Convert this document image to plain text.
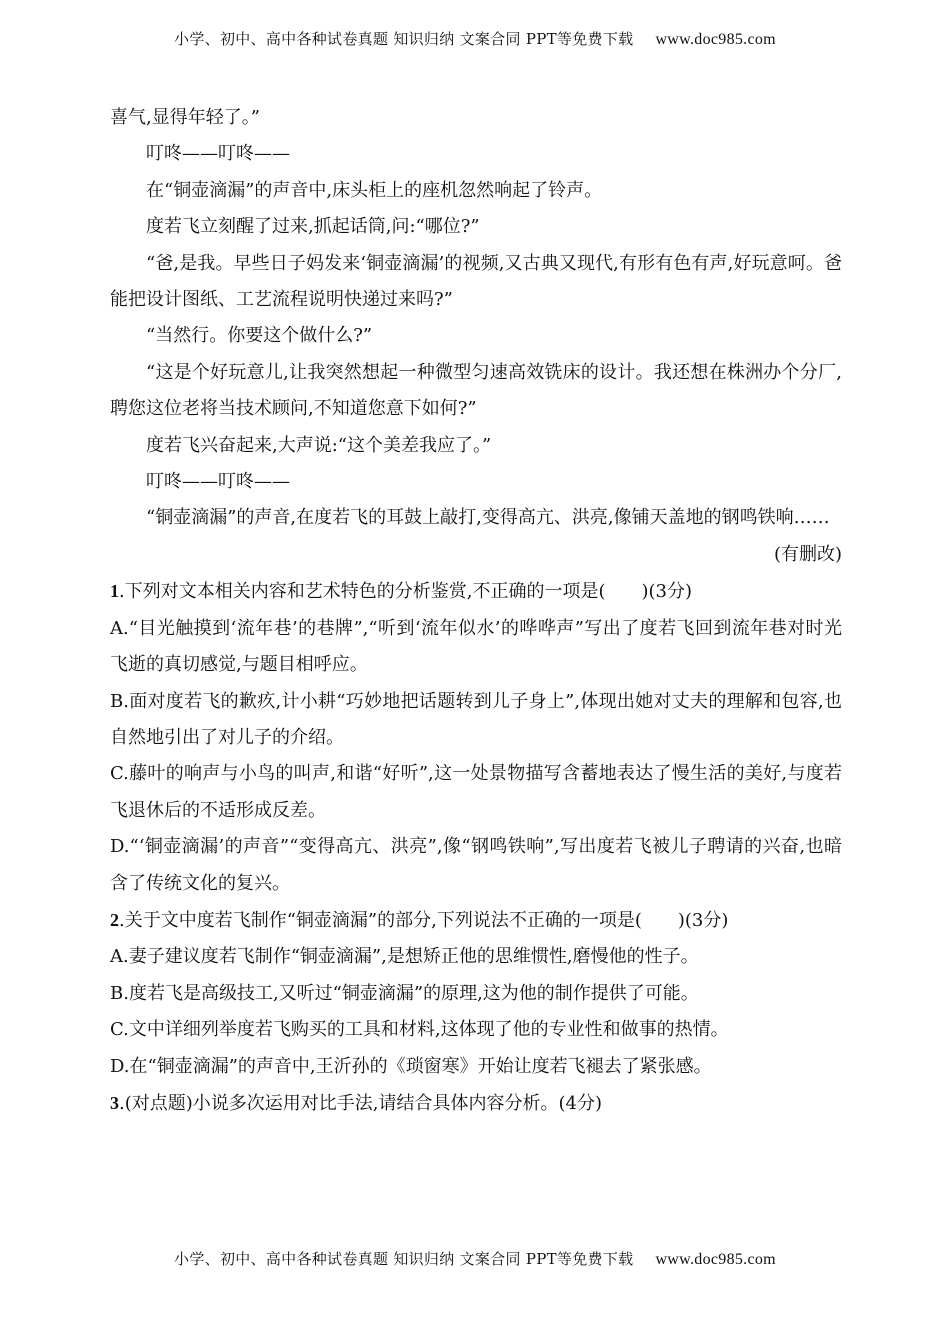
小学、初中、高中各种试卷真题 知识归纳 文案合同 PPT等免费下载 www.doc985.com

喜气,显得年轻了。”

叮咚——叮咚——

在“铜壶滴漏”的声音中,床头柜上的座机忽然响起了铃声。

度若飞立刻醒了过来,抓起话筒,问:“哪位?”

“爸,是我。早些日子妈发来‘铜壶滴漏’的视频,又古典又现代,有形有色有声,好玩意呵。爸能把设计图纸、工艺流程说明快递过来吗?”

“当然行。你要这个做什么?”

“这是个好玩意儿,让我突然想起一种微型匀速高效铣床的设计。我还想在株洲办个分厂,聘您这位老将当技术顾问,不知道您意下如何?”

度若飞兴奋起来,大声说:“这个美差我应了。”

叮咚——叮咚——

“铜壶滴漏”的声音,在度若飞的耳鼓上敲打,变得高亢、洪亮,像铺天盖地的钢鸣铁响……

(有删改)

1.下列对文本相关内容和艺术特色的分析鉴赏,不正确的一项是(　　)(3分)

A.“目光触摸到‘流年巷’的巷牌”,“听到‘流年似水’的哗哗声”写出了度若飞回到流年巷对时光飞逝的真切感觉,与题目相呼应。

B.面对度若飞的歉疚,计小耕“巧妙地把话题转到儿子身上”,体现出她对丈夫的理解和包容,也自然地引出了对儿子的介绍。

C.藤叶的响声与小鸟的叫声,和谐“好听”,这一处景物描写含蓄地表达了慢生活的美好,与度若飞退休后的不适形成反差。

D.“‘铜壶滴漏’的声音”“变得高亢、洪亮”,像“钢鸣铁响”,写出度若飞被儿子聘请的兴奋,也暗含了传统文化的复兴。

2.关于文中度若飞制作“铜壶滴漏”的部分,下列说法不正确的一项是(　　)(3分)

A.妻子建议度若飞制作“铜壶滴漏”,是想矫正他的思维惯性,磨慢他的性子。

B.度若飞是高级技工,又听过“铜壶滴漏”的原理,这为他的制作提供了可能。

C.文中详细列举度若飞购买的工具和材料,这体现了他的专业性和做事的热情。

D.在“铜壶滴漏”的声音中,王沂孙的《琐窗寒》开始让度若飞褪去了紧张感。

3.(对点题)小说多次运用对比手法,请结合具体内容分析。(4分)

小学、初中、高中各种试卷真题 知识归纳 文案合同 PPT等免费下载 www.doc985.com
